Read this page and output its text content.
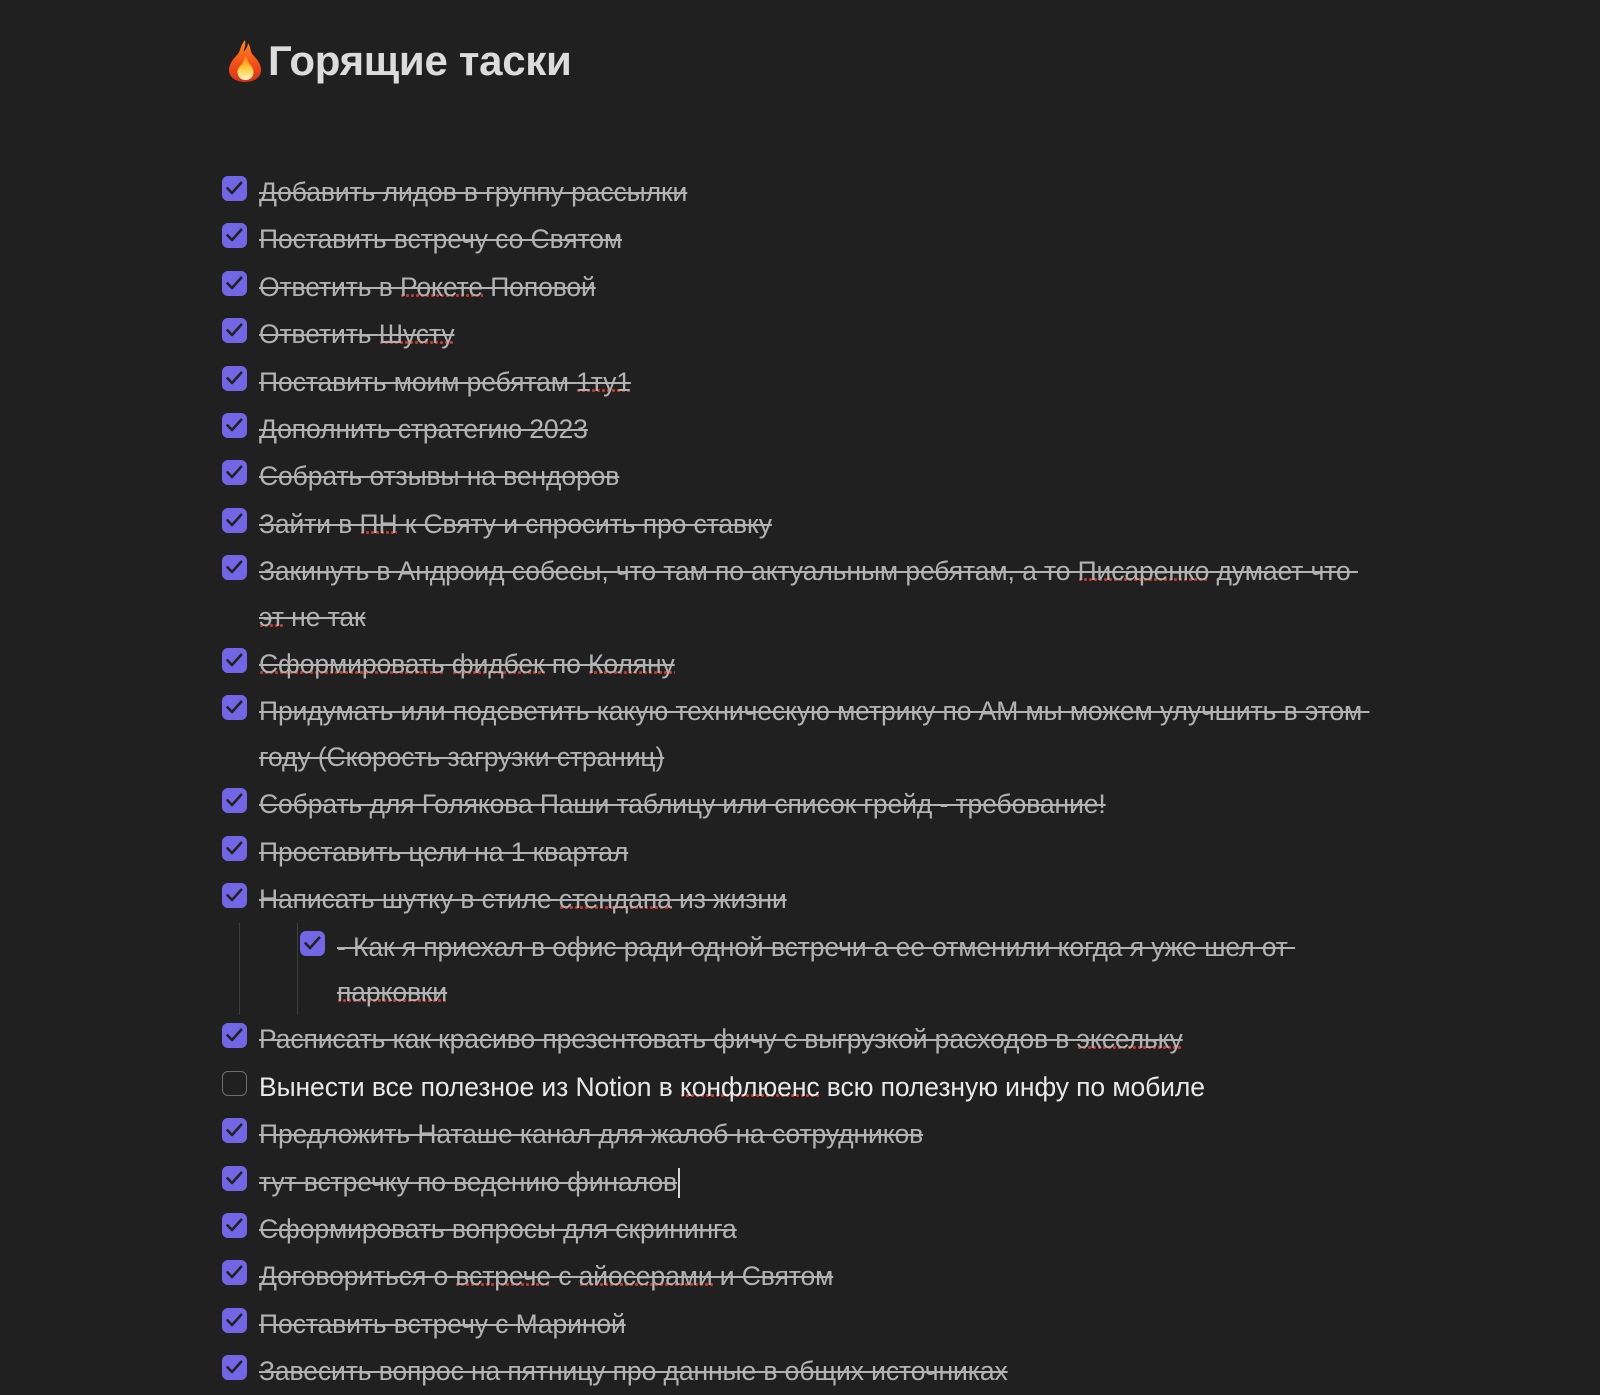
Горящие таски
Добавить лидов в группу рассылки
Поставить встречу со Святом
Ответить в Рокете Поповой
Ответить Шусту
Поставить моим ребятам 1ту1
Дополнить стратегию 2023
Собрать отзывы на вендоров
Зайти в ПН к Святу и спросить про ставку
Закинуть в Андроид собесы, что там по актуальным ребятам, а то Писаренко думает что эт не так
Сформировать фидбек по Коляну
Придумать или подсветить какую техническую метрику по АМ мы можем улучшить в этом году (Скорость загрузки страниц)
Собрать для Голякова Паши таблицу или список грейд - требование!
Проставить цели на 1 квартал
Написать шутку в стиле стендапа из жизни
- Как я приехал в офис ради одной встречи а ее отменили когда я уже шел от парковки
Расписать как красиво презентовать фичу с выгрузкой расходов в эксельку
Вынести все полезное из Notion в конфлюенс всю полезную инфу по мобиле
Предложить Наташе канал для жалоб на сотрудников
тут встречку по ведению финалов
Сформировать вопросы для скрининга
Договориться о встрече с айосерами и Святом
Поставить встречу с Мариной
Завесить вопрос на пятницу про данные в общих источниках
